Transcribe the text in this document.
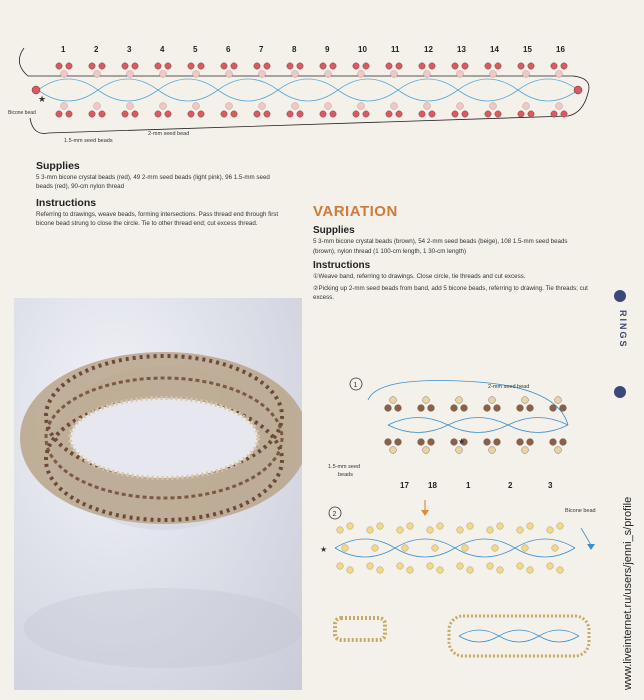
1	2	3	4	5	6	7	8	9	10	11	12	13	14	15	16
Bicone bead
★
1.5-mm seed beads
2-mm seed bead

Supplies

5 3-mm bicone crystal beads (red), 49 2-mm seed beads (light pink), 96 1.5-mm seed beads (red), 90-cm nylon thread

Instructions

Referring to drawings, weave beads, forming intersections. Pass thread end through first bicone bead strung to close the circle. Tie to other thread end; cut excess thread.

VARIATION

Supplies

5 3-mm bicone crystal beads (brown), 54 2-mm seed beads (beige), 108 1.5-mm seed beads (brown), nylon thread (1 100-cm length, 1 30-cm length)

Instructions

①Weave band, referring to drawings. Close circle, tie threads and cut excess.

②Picking up 2-mm seed beads from band, add 5 bicone beads, referring to drawing. Tie threads; cut excess.

1	2-mm seed bead
1.5-mm seed
beads
★
17 18	1	2	3
2	Bicone bead
★
RINGS
www.liveinternet.ru/users/jenni_s/profile
